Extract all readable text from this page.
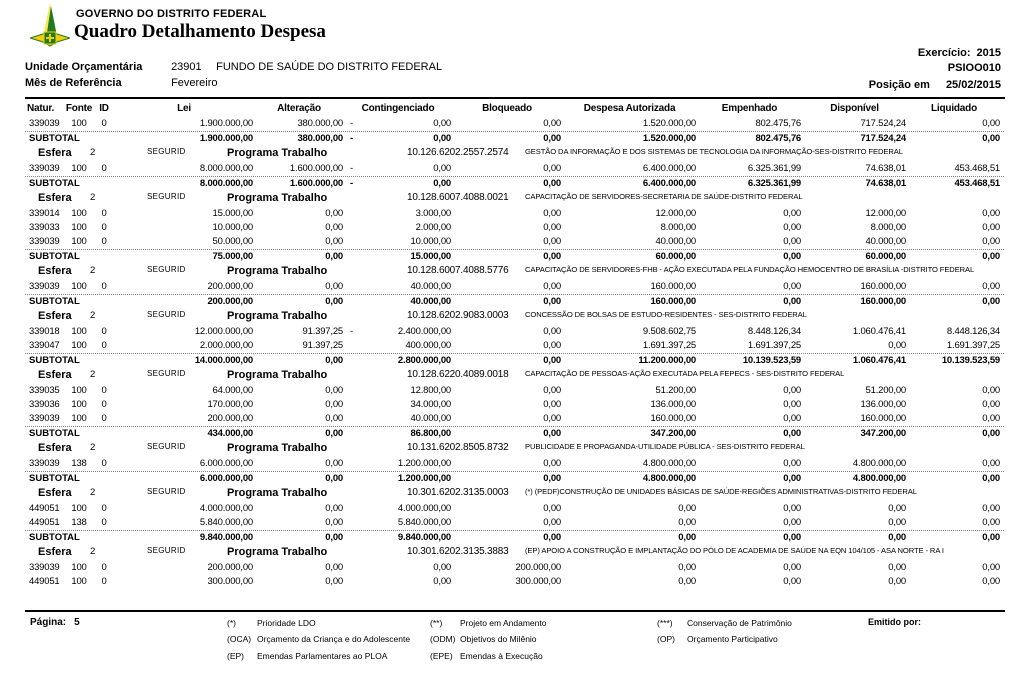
GOVERNO DO DISTRITO FEDERAL
Quadro Detalhamento Despesa
Exercício: 2015
PSIOO010
Posição em 25/02/2015
Unidade Orçamentária	23901 FUNDO DE SAÚDE DO DISTRITO FEDERAL
Mês de Referência	Fevereiro
Natur.	Fonte ID	Lei	Alteração	Contingenciado	Bloqueado	Despesa Autorizada	Empenhado	Disponível	Liquidado
339039	100	0	1.900.000,00	380.000,00 -	0,00	0,00	1.520.000,00	802.475,76	717.524,24	0,00
SUBTOTAL	1.900.000,00	380.000,00 -	0,00	0,00	1.520.000,00	802.475,76	717.524,24	0,00
Esfera 2	SEGURID	Programa Trabalho	10.126.6202.2557.2574 GESTÃO DA INFORMAÇÃO E DOS SISTEMAS DE TECNOLOGIA DA INFORMAÇÃO-SES-DISTRITO FEDERAL
339039	100	0	8.000.000,00	1.600.000,00 -	0,00	0,00	6.400.000,00	6.325.361,99	74.638,01	453.468,51
SUBTOTAL	8.000.000,00	1.600.000,00 -	0,00	0,00	6.400.000,00	6.325.361,99	74.638,01	453.468,51
Esfera 2	SEGURID	Programa Trabalho	10.128.6007.4088.0021 CAPACITAÇÃO DE SERVIDORES-SECRETARIA DE SAÚDE-DISTRITO FEDERAL
339014	100	0	15.000,00	0,00	3.000,00	0,00	12.000,00	0,00	12.000,00	0,00
339033	100	0	10.000,00	0,00	2.000,00	0,00	8.000,00	0,00	8.000,00	0,00
339039	100	0	50.000,00	0,00	10.000,00	0,00	40.000,00	0,00	40.000,00	0,00
SUBTOTAL	75.000,00	0,00	15.000,00	0,00	60.000,00	0,00	60.000,00	0,00
Esfera 2	SEGURID	Programa Trabalho	10.128.6007.4088.5776 CAPACITAÇÃO DE SERVIDORES-FHB - AÇÃO EXECUTADA PELA FUNDAÇÃO HEMOCENTRO DE BRASÍLIA -DISTRITO FEDERAL
339039	100	0	200.000,00	0,00	40.000,00	0,00	160.000,00	0,00	160.000,00	0,00
SUBTOTAL	200.000,00	0,00	40.000,00	0,00	160.000,00	0,00	160.000,00	0,00
Esfera 2	SEGURID	Programa Trabalho	10.128.6202.9083.0003 CONCESSÃO DE BOLSAS DE ESTUDO-RESIDENTES - SES-DISTRITO FEDERAL
339018	100	0	12.000.000,00	91.397,25 -	2.400.000,00	0,00	9.508.602,75	8.448.126,34	1.060.476,41	8.448.126,34
339047	100	0	2.000.000,00	91.397,25	400.000,00	0,00	1.691.397,25	1.691.397,25	0,00	1.691.397,25
SUBTOTAL	14.000.000,00	0,00	2.800.000,00	0,00	11.200.000,00	10.139.523,59	1.060.476,41	10.139.523,59
Esfera 2	SEGURID	Programa Trabalho	10.128.6220.4089.0018 CAPACITAÇÃO DE PESSOAS-AÇÃO EXECUTADA PELA FEPECS - SES-DISTRITO FEDERAL
339035	100	0	64.000,00	0,00	12.800,00	0,00	51.200,00	0,00	51.200,00	0,00
339036	100	0	170.000,00	0,00	34.000,00	0,00	136.000,00	0,00	136.000,00	0,00
339039	100	0	200.000,00	0,00	40.000,00	0,00	160.000,00	0,00	160.000,00	0,00
SUBTOTAL	434.000,00	0,00	86.800,00	0,00	347.200,00	0,00	347.200,00	0,00
Esfera 2	SEGURID	Programa Trabalho	10.131.6202.8505.8732 PUBLICIDADE E PROPAGANDA-UTILIDADE PÚBLICA - SES-DISTRITO FEDERAL
339039	138	0	6.000.000,00	0,00	1.200.000,00	0,00	4.800.000,00	0,00	4.800.000,00	0,00
SUBTOTAL	6.000.000,00	0,00	1.200.000,00	0,00	4.800.000,00	0,00	4.800.000,00	0,00
Esfera 2	SEGURID	Programa Trabalho	10.301.6202.3135.0003 (*) (PEDF)CONSTRUÇÃO DE UNIDADES BÁSICAS DE SAÚDE-REGIÕES ADMINISTRATIVAS-DISTRITO FEDERAL
449051	100	0	4.000.000,00	0,00	4.000.000,00	0,00	0,00	0,00	0,00	0,00
449051	138	0	5.840.000,00	0,00	5.840.000,00	0,00	0,00	0,00	0,00	0,00
SUBTOTAL	9.840.000,00	0,00	9.840.000,00	0,00	0,00	0,00	0,00	0,00
Esfera 2	SEGURID	Programa Trabalho	10.301.6202.3135.3883 (EP) APOIO A CONSTRUÇÃO E IMPLANTAÇÃO DO PÓLO DE ACADEMIA DE SAÚDE NA EQN 104/105 - ASA NORTE - RA I
339039	100	0	200.000,00	0,00	0,00	200.000,00	0,00	0,00	0,00	0,00
449051	100	0	300.000,00	0,00	0,00	300.000,00	0,00	0,00	0,00	0,00
Página: 5	(*) Prioridade LDO
(OCA) Orçamento da Criança e do Adolescente
(EP) Emendas Parlamentares ao PLOA
(**) Projeto em Andamento
(ODM) Objetivos do Milênio
(EPE) Emendas à Execução
(***) Conservação de Patrimônio
(OP) Orçamento Participativo
Emitido por:
